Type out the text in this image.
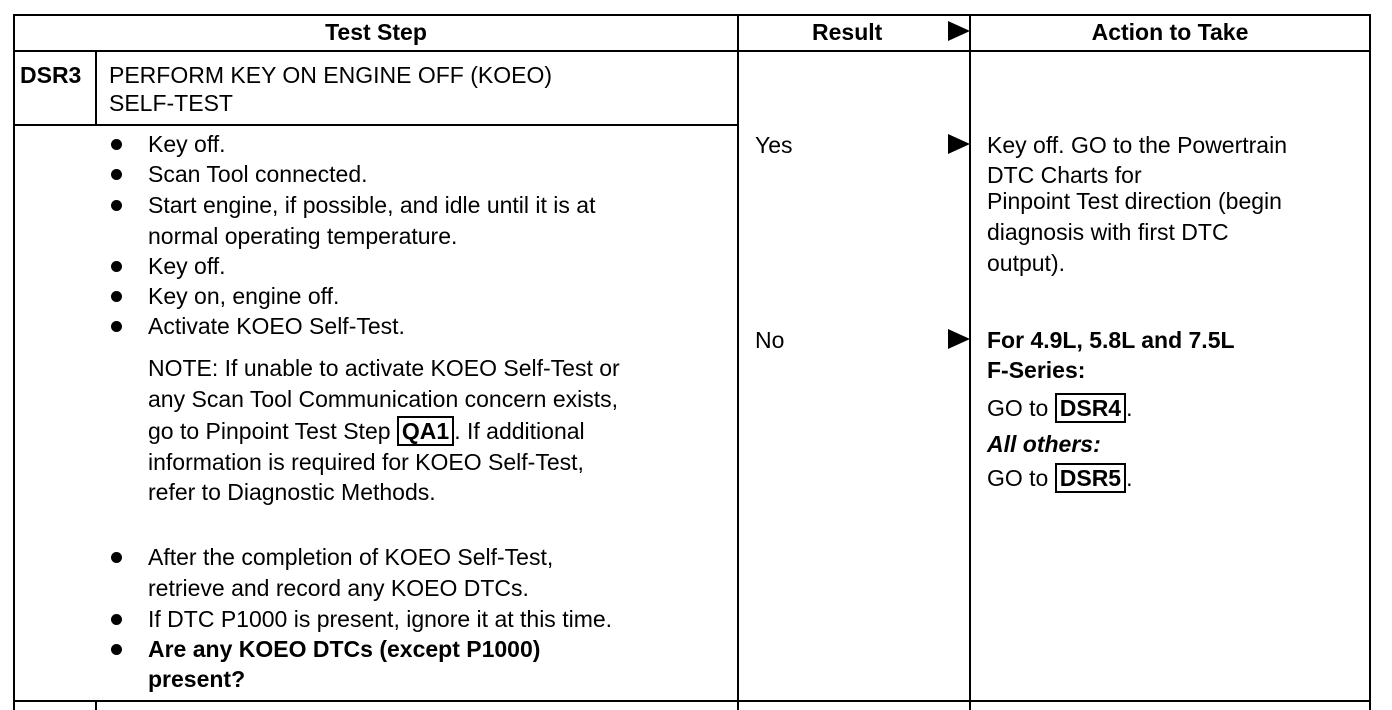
Test Step	Result	Action to Take
DSR3 PERFORM KEY ON ENGINE OFF (KOEO)
SELF-TEST
Key off.
Scan Tool connected.
Start engine, if possible, and idle until it is at
normal operating temperature.
Key off.
Key on, engine off.
Activate KOEO Self-Test.
NOTE: If unable to activate KOEO Self-Test or
any Scan Tool Communication concern exists,
go to Pinpoint Test Step QA1 . If additional
information is required for KOEO Self-Test,
refer to Diagnostic Methods.
After the completion of KOEO Self-Test,
retrieve and record any KOEO DTCs.
If DTC P1000 is present, ignore it at this time.
Are any KOEO DTCs (except P1000)
present?
Yes
No
Key off. GO to the Powertrain
DTC Charts for
Pinpoint Test direction (begin
diagnosis with first DTC
output).
For 4.9L, 5.8L and 7.5L
F-Series:
GO to DSR4 .
All others:
GO to DSR5 .
